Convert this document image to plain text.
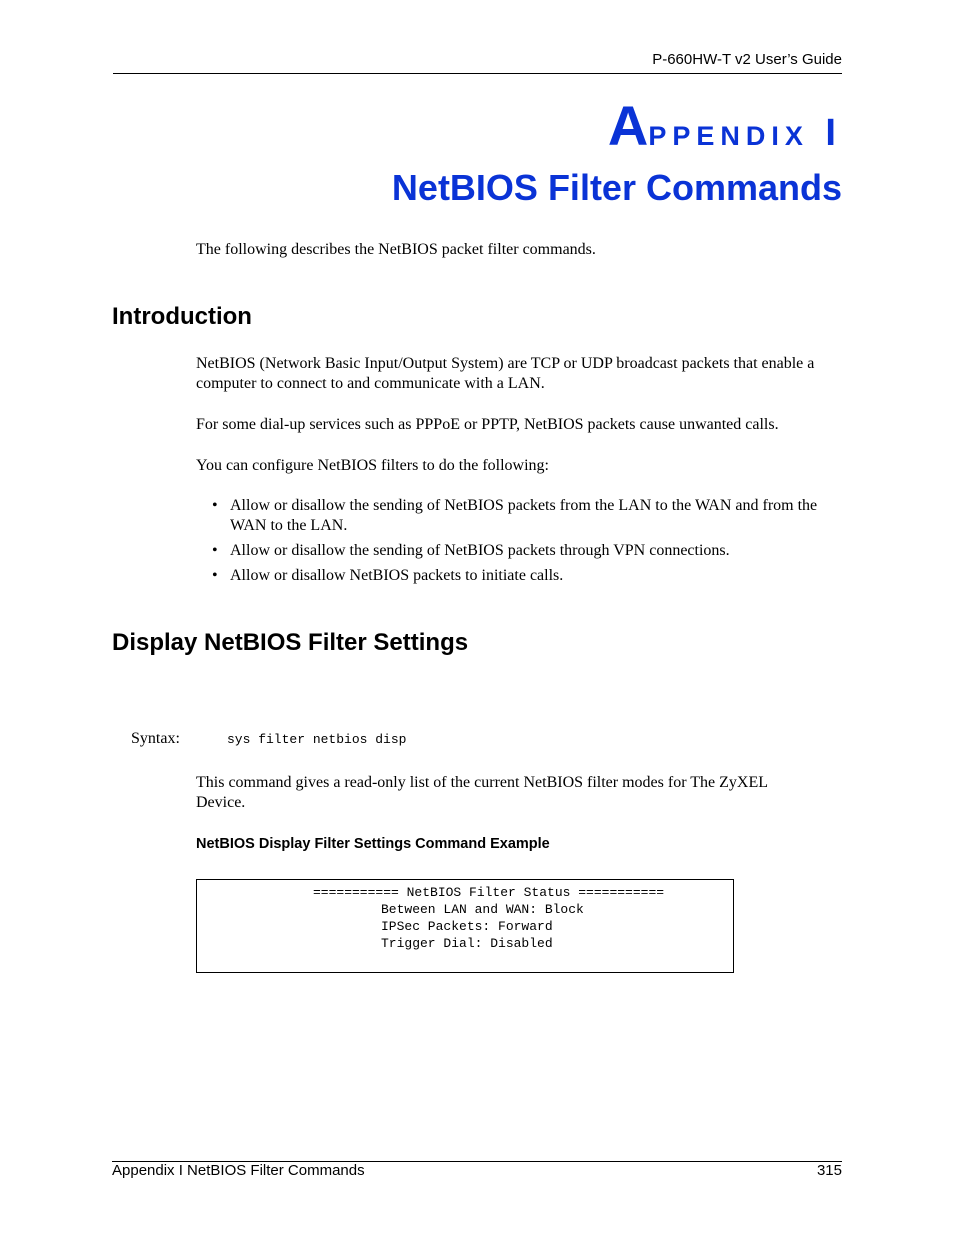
P-660HW-T v2 User’s Guide
Appendix I
NetBIOS Filter Commands

The following describes the NetBIOS packet filter commands.

Introduction

NetBIOS (Network Basic Input/Output System) are TCP or UDP broadcast packets that enable a computer to connect to and communicate with a LAN.

For some dial-up services such as PPPoE or PPTP, NetBIOS packets cause unwanted calls.

You can configure NetBIOS filters to do the following:

• Allow or disallow the sending of NetBIOS packets from the LAN to the WAN and from the WAN to the LAN.
• Allow or disallow the sending of NetBIOS packets through VPN connections.
• Allow or disallow NetBIOS packets to initiate calls.
Display NetBIOS Filter Settings
Syntax:	sys filter netbios disp

This command gives a read-only list of the current NetBIOS filter modes for The ZyXEL Device.

NetBIOS Display Filter Settings Command Example
=========== NetBIOS Filter Status ===========
Between LAN and WAN: Block
IPSec Packets: Forward
Trigger Dial: Disabled
Appendix I NetBIOS Filter Commands	315
